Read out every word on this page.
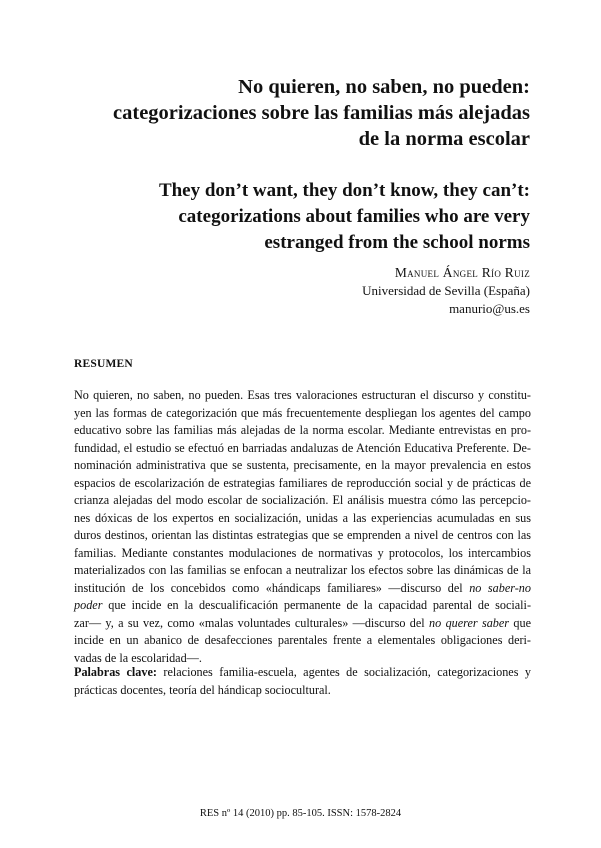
No quieren, no saben, no pueden:
categorizaciones sobre las familias más alejadas
de la norma escolar
They don’t want, they don’t know, they can’t:
categorizations about families who are very
estranged from the school norms
Manuel Ángel Río Ruiz
Universidad de Sevilla (España)
manurio@us.es
RESUMEN
No quieren, no saben, no pueden. Esas tres valoraciones estructuran el discurso y constitu-
yen las formas de categorización que más frecuentemente despliegan los agentes del campo
educativo sobre las familias más alejadas de la norma escolar. Mediante entrevistas en pro-
fundidad, el estudio se efectuó en barriadas andaluzas de Atención Educativa Preferente. De-
nominación administrativa que se sustenta, precisamente, en la mayor prevalencia en estos
espacios de escolarización de estrategias familiares de reproducción social y de prácticas de
crianza alejadas del modo escolar de socialización. El análisis muestra cómo las percepcio-
nes dóxicas de los expertos en socialización, unidas a las experiencias acumuladas en sus
duros destinos, orientan las distintas estrategias que se emprenden a nivel de centros con las
familias. Mediante constantes modulaciones de normativas y protocolos, los intercambios
materializados con las familias se enfocan a neutralizar los efectos sobre las dinámicas de la
institución de los concebidos como «hándicaps familiares» —discurso del no saber-no
poder que incide en la descualificación permanente de la capacidad parental de sociali-
zar— y, a su vez, como «malas voluntades culturales» —discurso del no querer saber que
incide en un abanico de desafecciones parentales frente a elementales obligaciones deri-
vadas de la escolaridad—.
Palabras clave: relaciones familia-escuela, agentes de socialización, categorizaciones y
prácticas docentes, teoría del hándicap sociocultural.
RES nº 14 (2010) pp. 85-105. ISSN: 1578-2824
